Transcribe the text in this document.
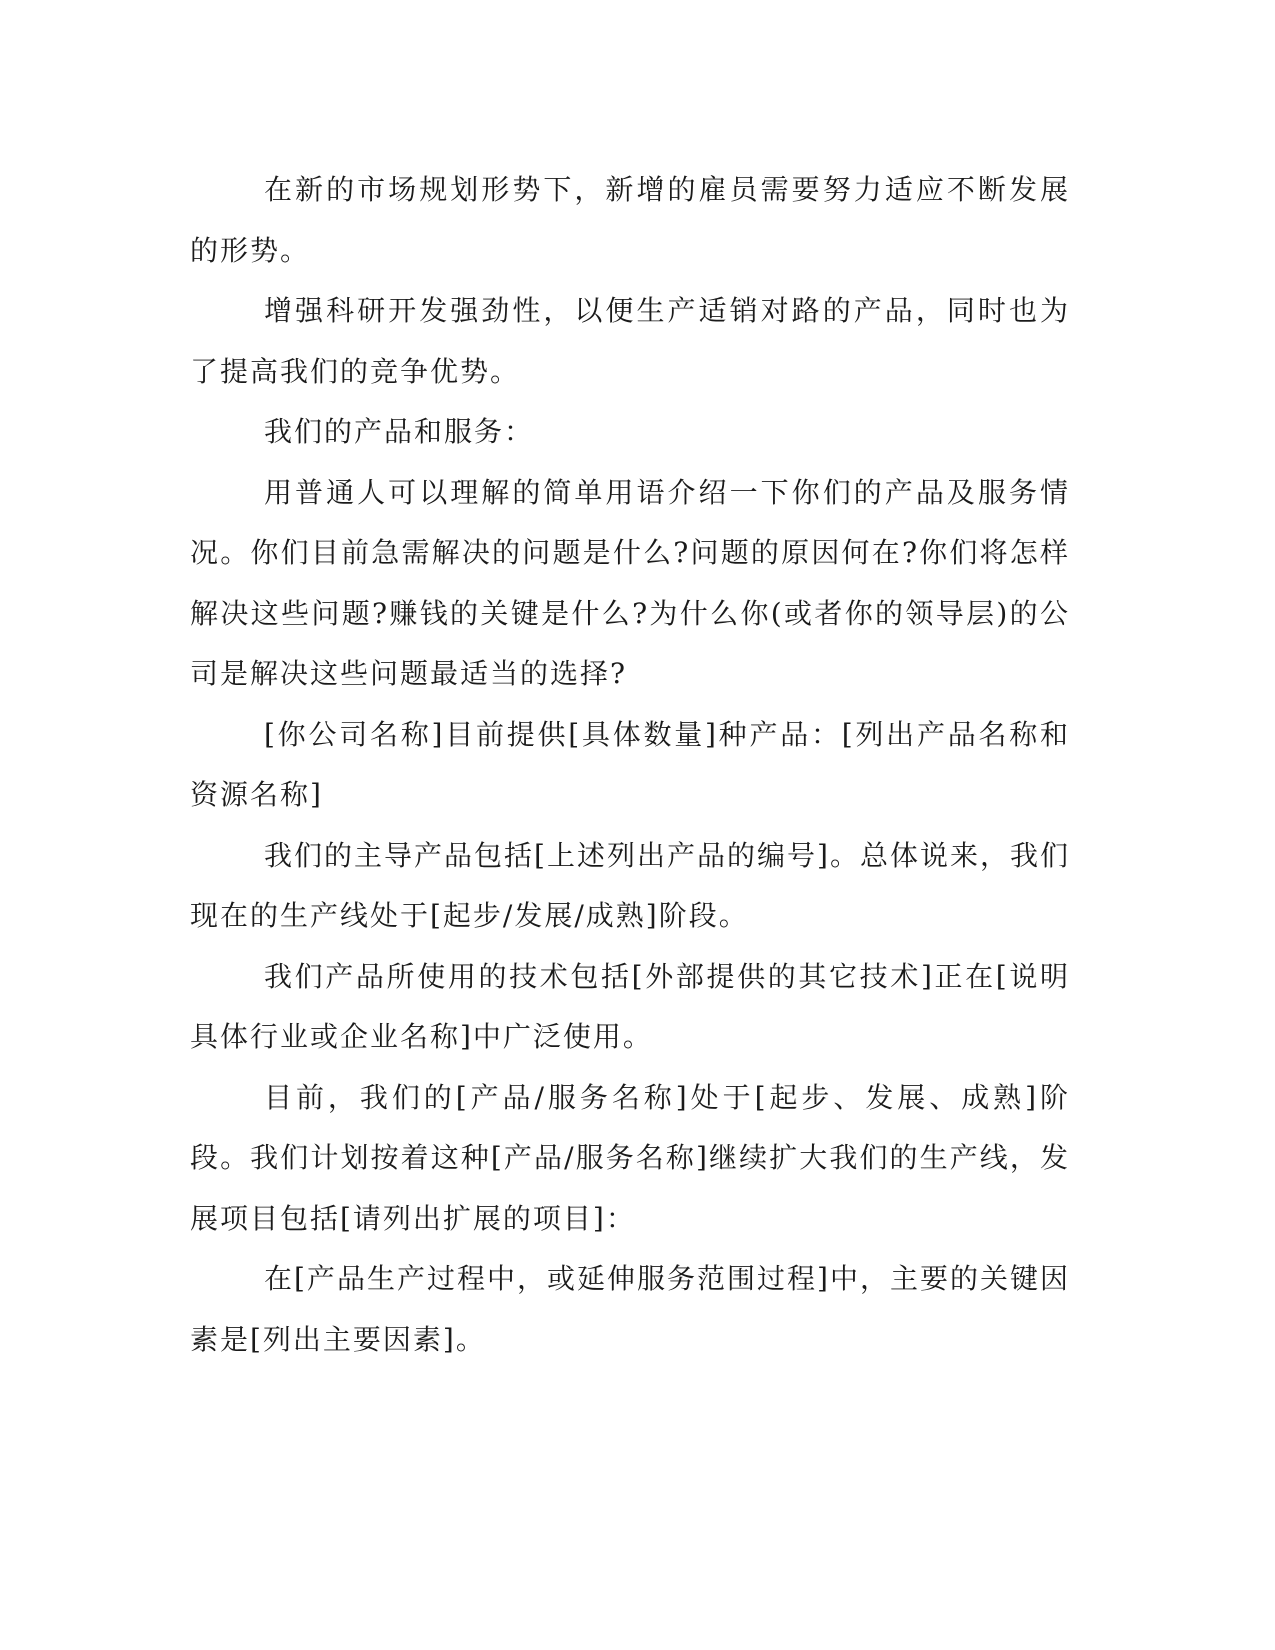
在新的市场规划形势下，新增的雇员需要努力适应不断发展的形势。

增强科研开发强劲性，以便生产适销对路的产品，同时也为了提高我们的竞争优势。

我们的产品和服务：

用普通人可以理解的简单用语介绍一下你们的产品及服务情况。你们目前急需解决的问题是什么?问题的原因何在?你们将怎样解决这些问题?赚钱的关键是什么?为什么你(或者你的领导层)的公司是解决这些问题最适当的选择?

[你公司名称]目前提供[具体数量]种产品：[列出产品名称和资源名称]

我们的主导产品包括[上述列出产品的编号]。总体说来，我们现在的生产线处于[起步/发展/成熟]阶段。

我们产品所使用的技术包括[外部提供的其它技术]正在[说明具体行业或企业名称]中广泛使用。

目前，我们的[产品/服务名称]处于[起步、发展、成熟]阶段。我们计划按着这种[产品/服务名称]继续扩大我们的生产线，发展项目包括[请列出扩展的项目]：

在[产品生产过程中，或延伸服务范围过程]中，主要的关键因素是[列出主要因素]。
